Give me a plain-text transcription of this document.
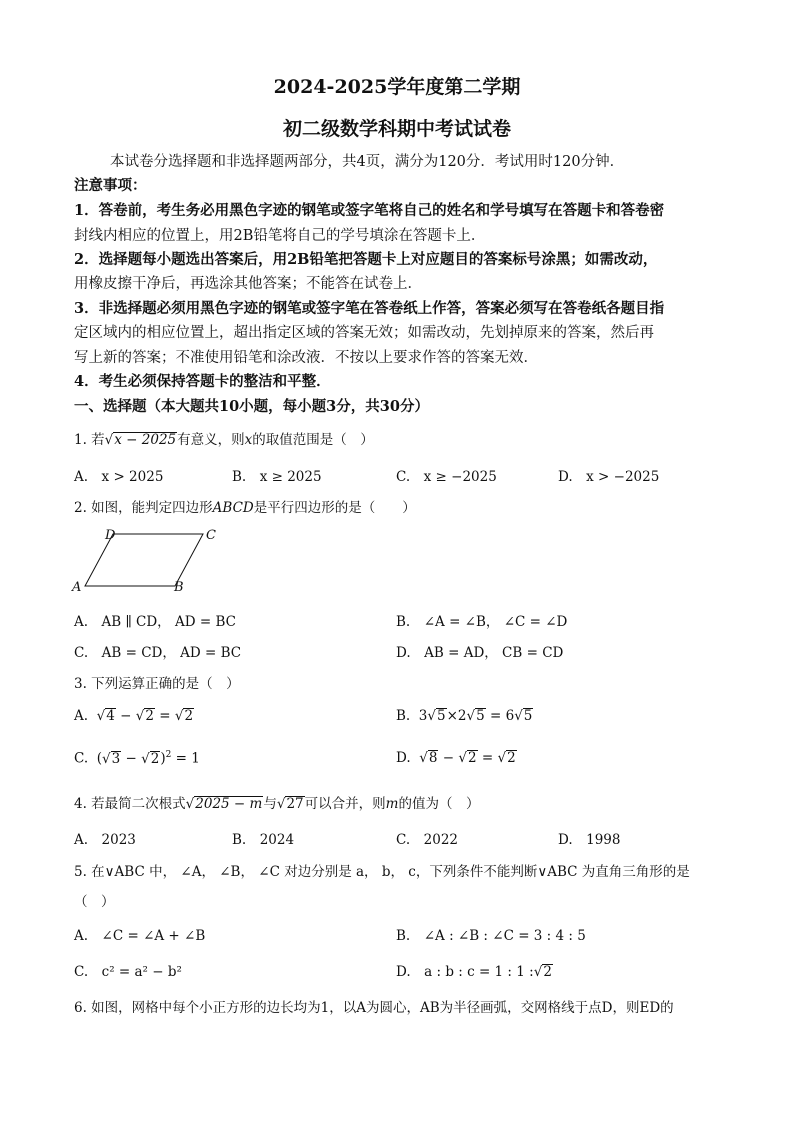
2024-2025学年度第二学期
初二级数学科期中考试试卷
本试卷分选择题和非选择题两部分，共4页，满分为120分．考试用时120分钟．
注意事项：
1．答卷前，考生务必用黑色字迹的钢笔或签字笔将自己的姓名和学号填写在答题卡和答卷密
封线内相应的位置上，用2B铅笔将自己的学号填涂在答题卡上．
2．选择题每小题选出答案后，用2B铅笔把答题卡上对应题目的答案标号涂黑；如需改动，
用橡皮擦干净后，再选涂其他答案；不能答在试卷上．
3．非选择题必须用黑色字迹的钢笔或签字笔在答卷纸上作答，答案必须写在答卷纸各题目指
定区域内的相应位置上，超出指定区域的答案无效；如需改动，先划掉原来的答案，然后再
写上新的答案；不准使用铅笔和涂改液．不按以上要求作答的答案无效．
4．考生必须保持答题卡的整洁和平整．
一、选择题（本大题共10小题，每小题3分，共30分）
1. 若√x − 2025有意义，则x的取值范围是（　）
A.　x > 2025	B.　x ≥ 2025	C.　x ≥ −2025	D.　x > −2025
2. 如图，能判定四边形ABCD是平行四边形的是（　　）
D	C
A	B
A.　AB ∥ CD， AD = BC	B.　∠A = ∠B， ∠C = ∠D
C.　AB = CD， AD = BC	D.　AB = AD， CB = CD
3. 下列运算正确的是（　）
A. √4 − √2 = √2	B.  3√5×2√5 = 6√5
C.  $(√3 - √2)^2 = 1$	D. √8 − √2 = √2
4. 若最简二次根式√2025 − m与√27可以合并，则m的值为（　）
A.　2023	B.　2024	C.　2022	D.　1998
5. 在∨ABC 中， ∠A， ∠B， ∠C 对边分别是 a， b， c，下列条件不能判断∨ABC 为直角三角形的是
（　）
A.　∠C = ∠A + ∠B	B.　∠A : ∠B : ∠C = 3 : 4 : 5
C.　c² = a² − b²	D.　a : b : c = 1 : 1 :√2
6. 如图，网格中每个小正方形的边长均为1，以A为圆心，AB为半径画弧，交网格线于点D，则ED的
